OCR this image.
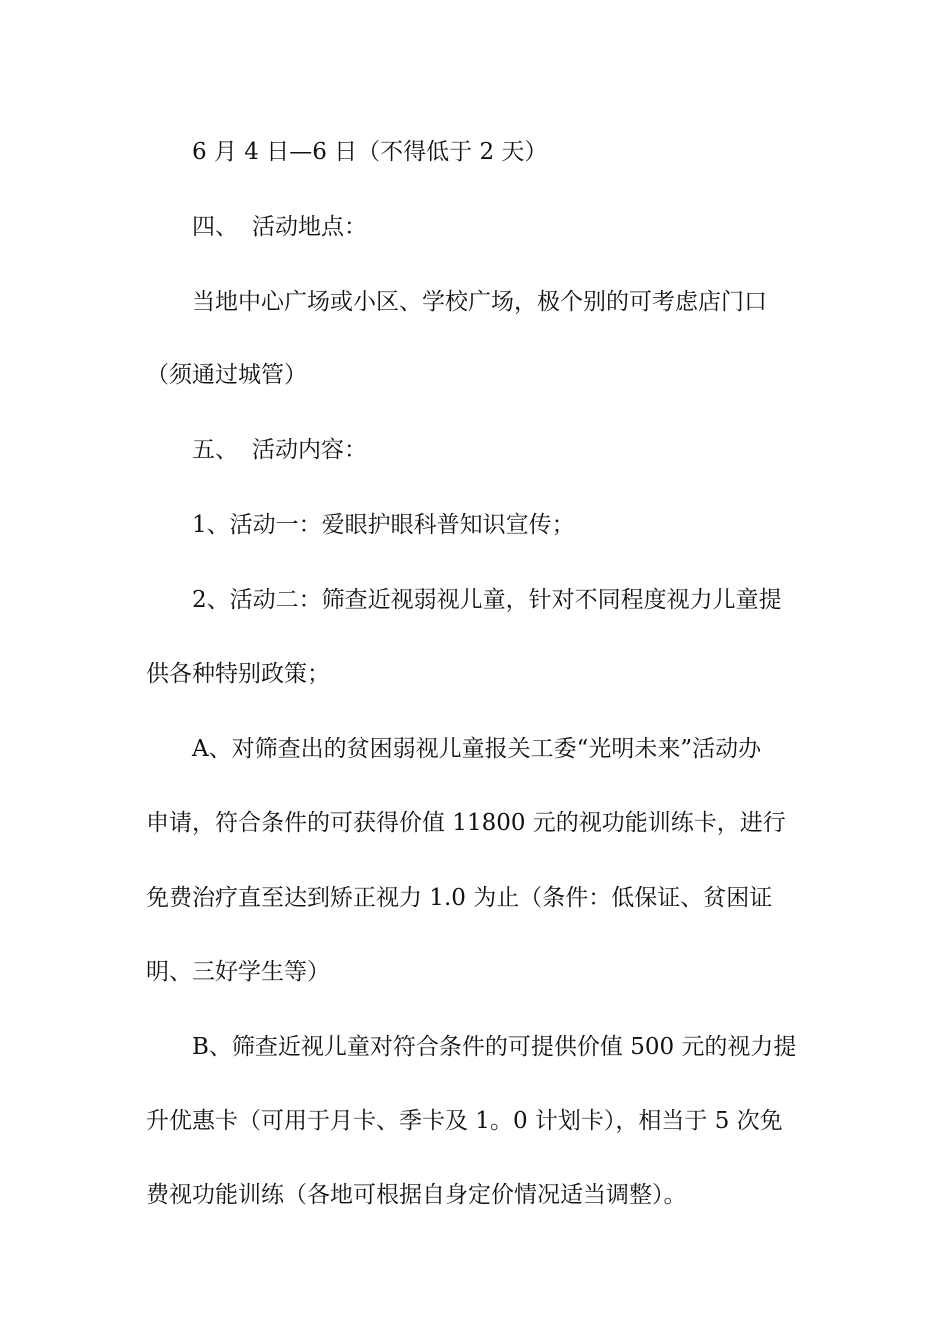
6 月 4 日—6 日（不得低于 2 天）
四、 活动地点：
当地中心广场或小区、学校广场，极个别的可考虑店门口
（须通过城管）
五、 活动内容：
1、活动一：爱眼护眼科普知识宣传；
2、活动二：筛查近视弱视儿童，针对不同程度视力儿童提
供各种特别政策；
A、对筛查出的贫困弱视儿童报关工委“光明未来”活动办
申请，符合条件的可获得价值 11800 元的视功能训练卡，进行
免费治疗直至达到矫正视力 1.0 为止（条件：低保证、贫困证
明、三好学生等）
B、筛查近视儿童对符合条件的可提供价值 500 元的视力提
升优惠卡（可用于月卡、季卡及 1。0 计划卡），相当于 5 次免
费视功能训练（各地可根据自身定价情况适当调整）。
